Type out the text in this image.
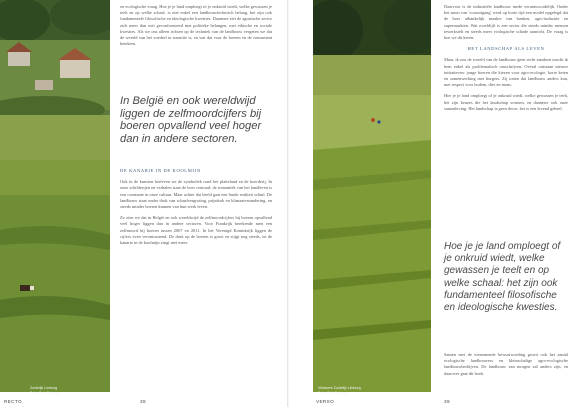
Zuidelijk Limburg
Foto: Bob Schaap

en ecologische vraag. Hoe je je land omploegt of je onkruid wiedt, welke gewassen je teelt en op welke schaal, is niet enkel een landbouwtechnisch belang, het zijn ook fundamentele filosofische en ideologische kwesties. Daarmee ziet de agrarische sector zich meer dan ooit geconfronteerd met politieke belangen, met ethische en sociale kwesties. Als we ons alleen richten op de techniek van de landbouw vergeten we dat de wereld van het voedsel in transitie is, en wat dat voor de boeren en de consument betekent.

In België en ook wereldwijd liggen de zelfmoordcijfers bij boeren opvallend veel hoger dan in andere sectoren.
DE KANARIE IN DE KOOLMIJN

Ook in de kunsten herleven we de symboliek rond het platteland en de boerderij. In onze schilderijen en verhalen staat de boer centraal; de romantiek van het landleven is een constante in onze cultuur. Maar achter dat beeld gaat een harde realiteit schuil. De landbouw staat onder druk van schaalvergroting, prijsdruk en klimaatverandering, en steeds minder boeren kunnen van hun werk leven.

Zo zien we dat in België en ook wereldwijd de zelfmoordcijfers bij boeren opvallend veel hoger liggen dan in andere sectoren. Voor Frankrijk berekende men een zelfmoord bij boeren tussen 2007 en 2011. In het Verenigd Koninkrijk liggen de cijfers even verontrustend. De druk op de boeren is groot en stijgt nog steeds, en de kanarie in de koolmijn zingt niet meer.

RECTO	38
Veldwerk Zuidelijk Limburg
Foto: Bob Schaap

Daarvoor is de industriële landbouw mede verantwoordelijk. Onder het mom van 'vooruitgang' werd op korte tijd een model opgelegd dat de boer afhankelijk maakte van banken, agro-industrie en supermarkten. Wat overblijft is een sector die steeds minder mensen tewerkstelt en steeds meer ecologische schade aanricht. De vraag is hoe we dit keren.

HET LANDSCHAP ALS LEVEN

Maar, ik zou de wereld van de landbouw geen recht aandoen mocht ik hem enkel als problematisch omschrijven. Overal ontstaan nieuwe initiatieven: jonge boeren die kiezen voor agro-ecologie, korte keten en samenwerking met burgers. Zij tonen dat landbouw anders kan, met respect voor bodem, dier en mens.

Hoe je je land omploegt of je onkruid wiedt, welke gewassen je teelt, het zijn keuzes die het landschap vormen, en daarmee ook onze samenleving. Het landschap is geen decor, het is een levend geheel.

Hoe je je land omploegt of je onkruid wiedt, welke gewassen je teelt en op welke schaal: het zijn ook fundamenteel filosofische en ideologische kwesties.

Samen met de toenemende bewustwording groeit ook het aantal ecologische landbouwers en kleinschalige agro-ecologische landbouwbedrijven. De landbouw van morgen zal anders zijn, en daarover gaat dit boek.

VERSO	39
